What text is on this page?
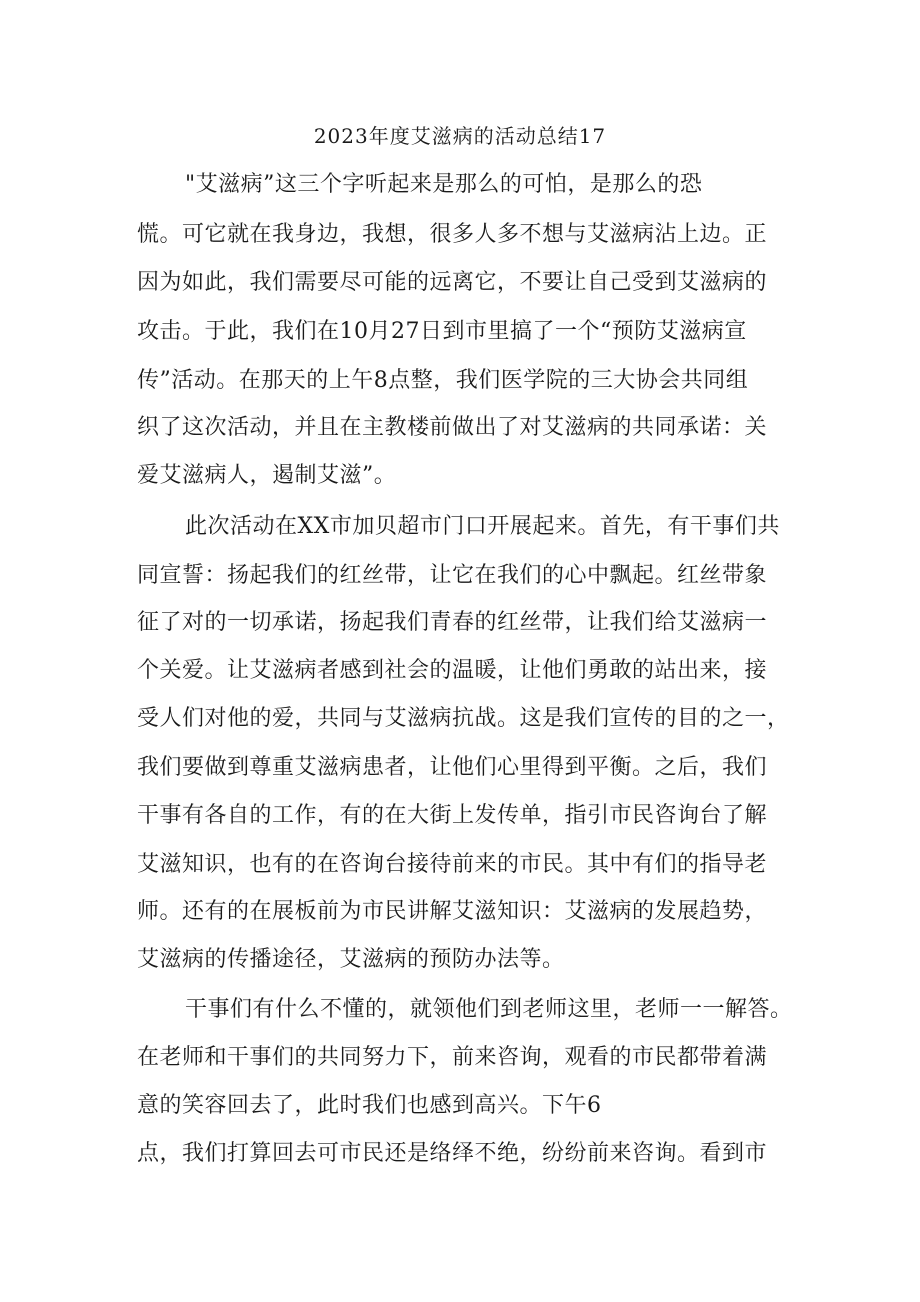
2023年度艾滋病的活动总结17
"艾滋病”这三个字听起来是那么的可怕，是那么的恐
慌。可它就在我身边，我想，很多人多不想与艾滋病沾上边。正
因为如此，我们需要尽可能的远离它，不要让自己受到艾滋病的
攻击。于此，我们在10月27日到市里搞了一个“预防艾滋病宣
传”活动。在那天的上午8点整，我们医学院的三大协会共同组
织了这次活动，并且在主教楼前做出了对艾滋病的共同承诺：关
爱艾滋病人，遏制艾滋”。
此次活动在XX市加贝超市门口开展起来。首先，有干事们共
同宣誓：扬起我们的红丝带，让它在我们的心中飘起。红丝带象
征了对的一切承诺，扬起我们青春的红丝带，让我们给艾滋病一
个关爱。让艾滋病者感到社会的温暖，让他们勇敢的站出来，接
受人们对他的爱，共同与艾滋病抗战。这是我们宣传的目的之一，
我们要做到尊重艾滋病患者，让他们心里得到平衡。之后，我们
干事有各自的工作，有的在大街上发传单，指引市民咨询台了解
艾滋知识，也有的在咨询台接待前来的市民。其中有们的指导老
师。还有的在展板前为市民讲解艾滋知识：艾滋病的发展趋势，
艾滋病的传播途径，艾滋病的预防办法等。
干事们有什么不懂的，就领他们到老师这里，老师一一解答。
在老师和干事们的共同努力下，前来咨询，观看的市民都带着满
意的笑容回去了，此时我们也感到高兴。下午6
点，我们打算回去可市民还是络绎不绝，纷纷前来咨询。看到市
